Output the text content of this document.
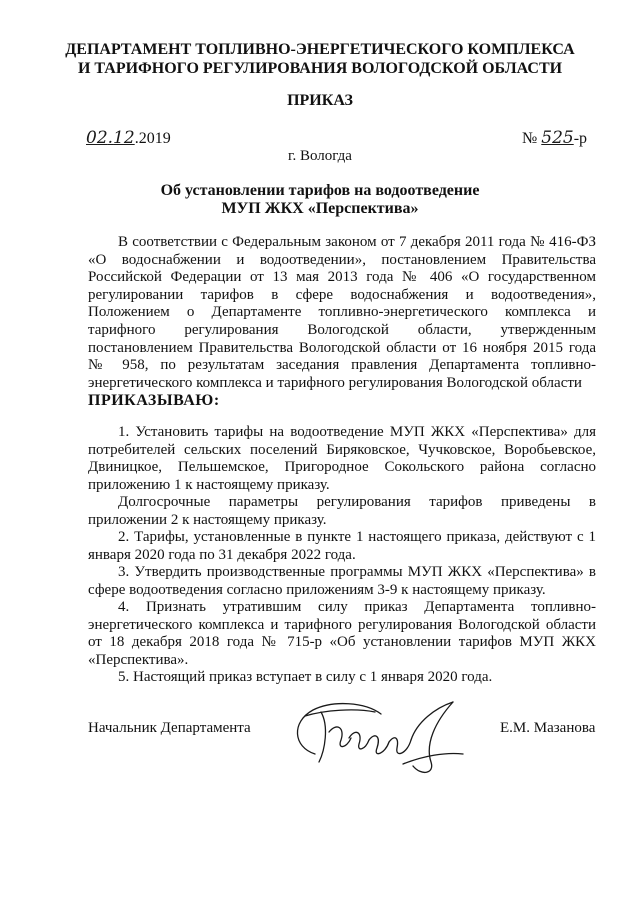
ДЕПАРТАМЕНТ ТОПЛИВНО-ЭНЕРГЕТИЧЕСКОГО КОМПЛЕКСА
И ТАРИФНОГО РЕГУЛИРОВАНИЯ ВОЛОГОДСКОЙ ОБЛАСТИ
ПРИКАЗ
02.12.2019	№ 525-р
г. Вологда
Об установлении тарифов на водоотведение
МУП ЖКХ «Перспектива»
В соответствии с Федеральным законом от 7 декабря 2011 года № 416-ФЗ «О водоснабжении и водоотведении», постановлением Правительства Российской Федерации от 13 мая 2013 года № 406 «О государственном регулировании тарифов в сфере водоснабжения и водоотведения», Положением о Департаменте топливно-энергетического комплекса и тарифного регулирования Вологодской области, утвержденным постановлением Правительства Вологодской области от 16 ноября 2015 года № 958, по результатам заседания правления Департамента топливно-энергетического комплекса и тарифного регулирования Вологодской области
ПРИКАЗЫВАЮ:
1. Установить тарифы на водоотведение МУП ЖКХ «Перспектива» для потребителей сельских поселений Биряковское, Чучковское, Воробьевское, Двиницкое, Пельшемское, Пригородное Сокольского района согласно приложению 1 к настоящему приказу.
Долгосрочные параметры регулирования тарифов приведены в приложении 2 к настоящему приказу.
2. Тарифы, установленные в пункте 1 настоящего приказа, действуют с 1 января 2020 года по 31 декабря 2022 года.
3. Утвердить производственные программы МУП ЖКХ «Перспектива» в сфере водоотведения согласно приложениям 3-9 к настоящему приказу.
4. Признать утратившим силу приказ Департамента топливно-энергетического комплекса и тарифного регулирования Вологодской области от 18 декабря 2018 года № 715-р «Об установлении тарифов МУП ЖКХ «Перспектива».
5. Настоящий приказ вступает в силу с 1 января 2020 года.
Начальник Департамента	Е.М. Мазанова
